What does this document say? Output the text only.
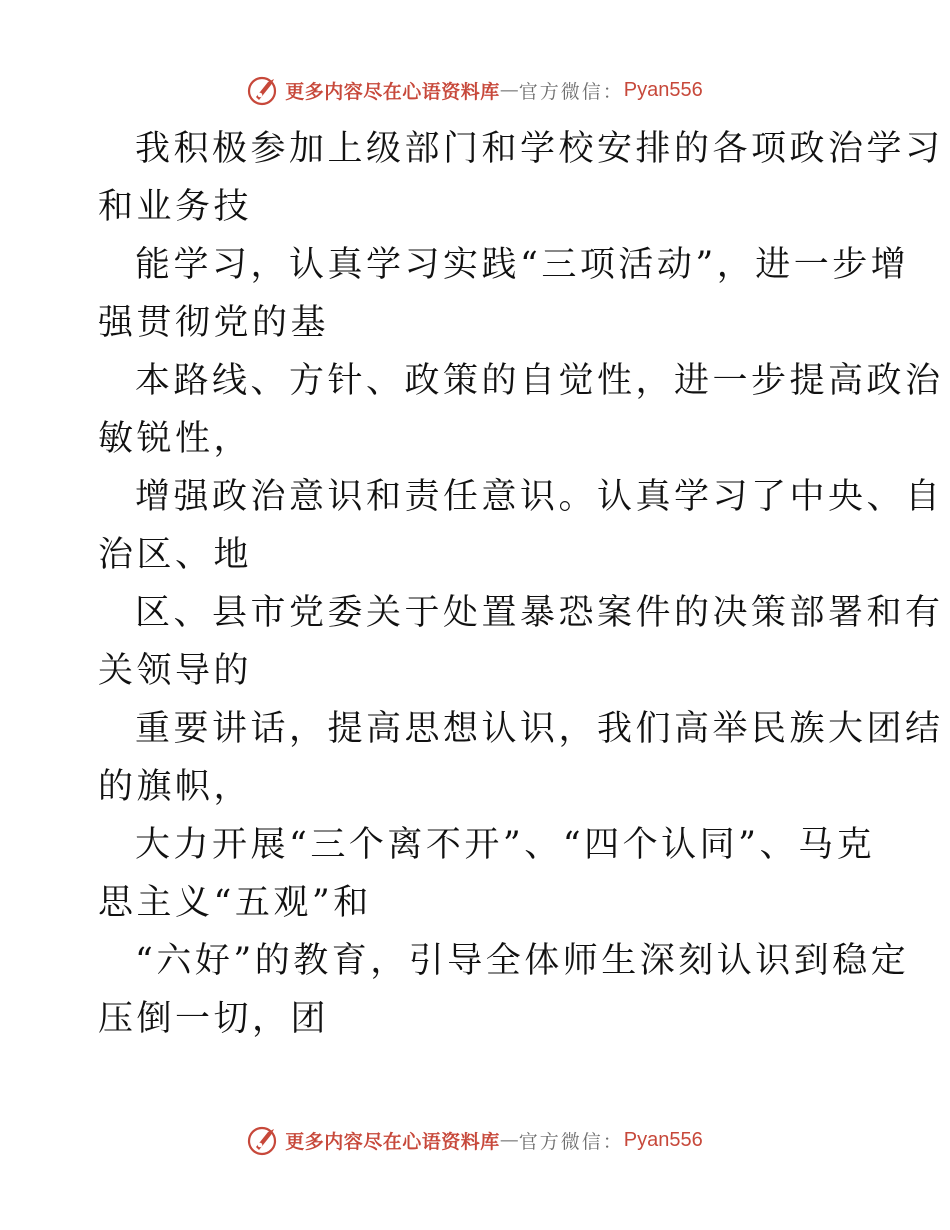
更多内容尽在心语资料库 — 官方微信： Pyan556
我积极参加上级部门和学校安排的各项政治学习
和业务技
能学习，认真学习实践“三项活动”，进一步增
强贯彻党的基
本路线、方针、政策的自觉性，进一步提高政治
敏锐性，
增强政治意识和责任意识。认真学习了中央、自
治区、地
区、县市党委关于处置暴恐案件的决策部署和有
关领导的
重要讲话，提高思想认识，我们高举民族大团结
的旗帜，
大力开展“三个离不开”、“四个认同”、马克
思主义“五观”和
“六好”的教育，引导全体师生深刻认识到稳定
压倒一切，团
更多内容尽在心语资料库 — 官方微信： Pyan556
